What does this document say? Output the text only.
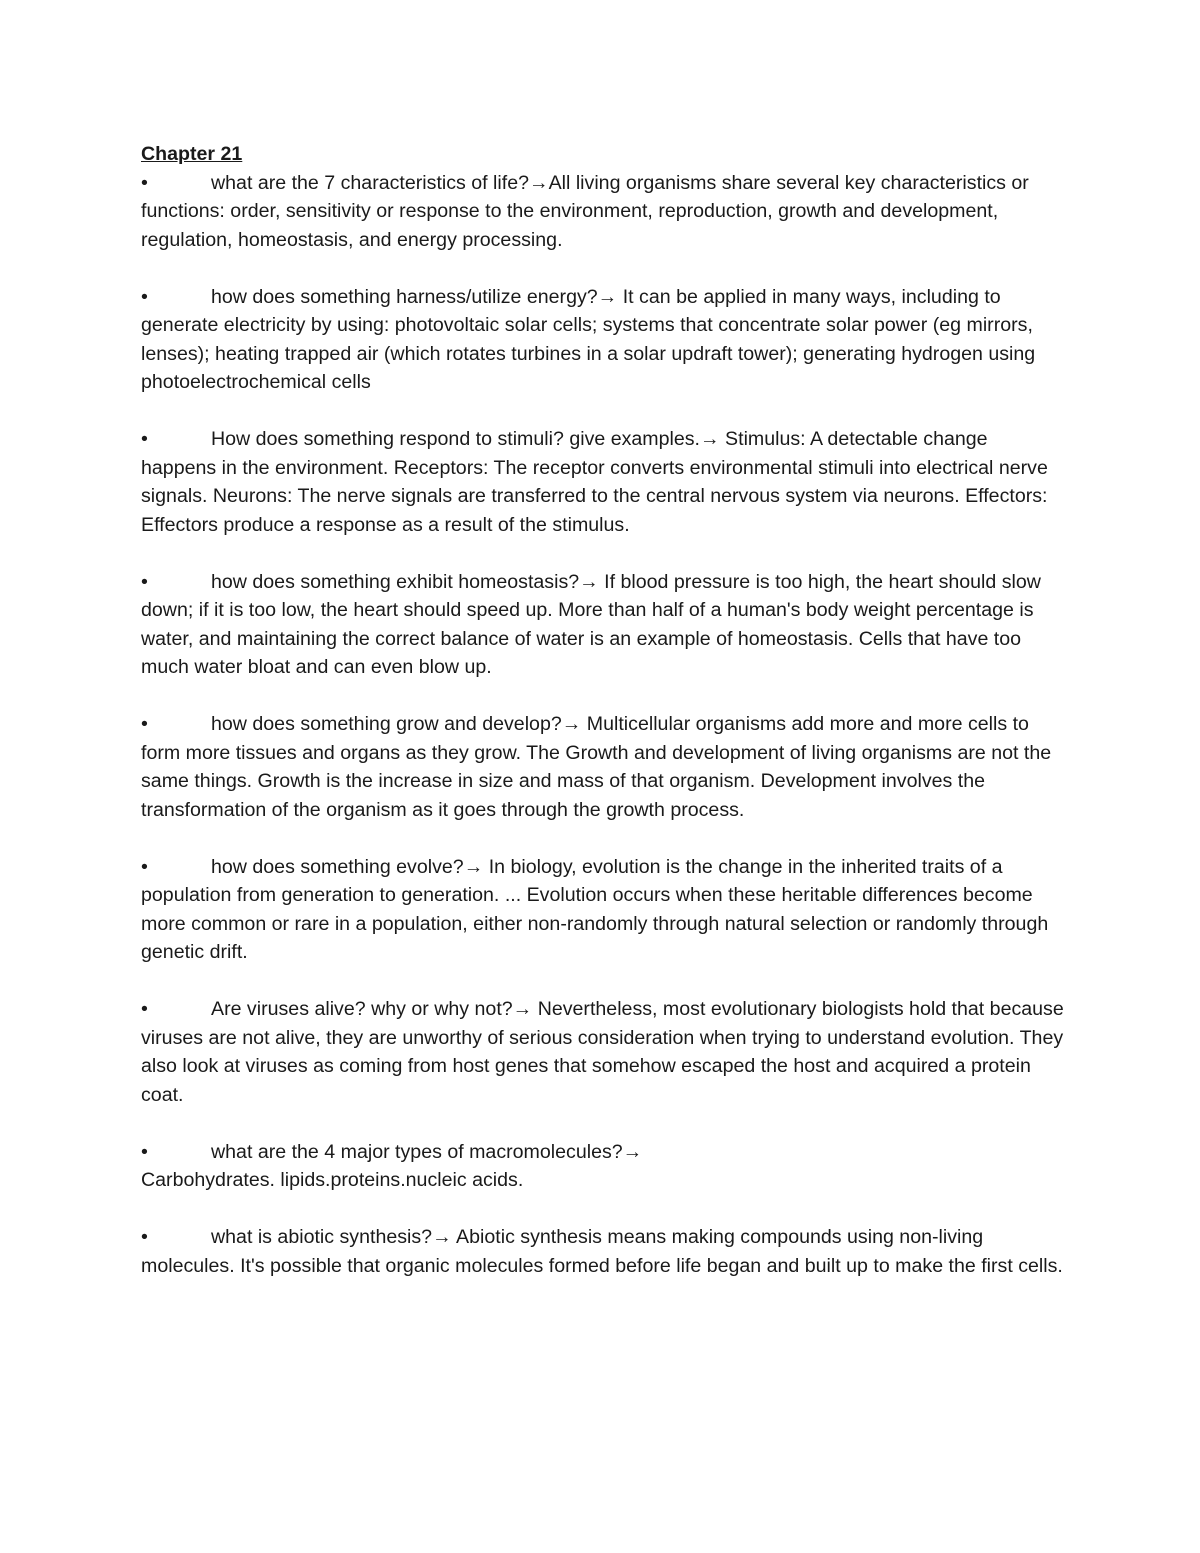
Chapter 21

•	what are the 7 characteristics of life?→All living organisms share several key characteristics or functions: order, sensitivity or response to the environment, reproduction, growth and development, regulation, homeostasis, and energy processing.

•	how does something harness/utilize energy?→ It can be applied in many ways, including to generate electricity by using: photovoltaic solar cells; systems that concentrate solar power (eg mirrors, lenses); heating trapped air (which rotates turbines in a solar updraft tower); generating hydrogen using photoelectrochemical cells

•	How does something respond to stimuli? give examples.→ Stimulus: A detectable change happens in the environment. Receptors: The receptor converts environmental stimuli into electrical nerve signals. Neurons: The nerve signals are transferred to the central nervous system via neurons. Effectors: Effectors produce a response as a result of the stimulus.

•	how does something exhibit homeostasis?→ If blood pressure is too high, the heart should slow down; if it is too low, the heart should speed up. More than half of a human's body weight percentage is water, and maintaining the correct balance of water is an example of homeostasis. Cells that have too much water bloat and can even blow up.

•	how does something grow and develop?→ Multicellular organisms add more and more cells to form more tissues and organs as they grow. The Growth and development of living organisms are not the same things. Growth is the increase in size and mass of that organism. Development involves the transformation of the organism as it goes through the growth process.

•	how does something evolve?→ In biology, evolution is the change in the inherited traits of a population from generation to generation. ... Evolution occurs when these heritable differences become more common or rare in a population, either non-randomly through natural selection or randomly through genetic drift.

•	Are viruses alive? why or why not?→ Nevertheless, most evolutionary biologists hold that because viruses are not alive, they are unworthy of serious consideration when trying to understand evolution. They also look at viruses as coming from host genes that somehow escaped the host and acquired a protein coat.

•	what are the 4 major types of macromolecules?→
Carbohydrates. lipids.proteins.nucleic acids.

•	what is abiotic synthesis?→ Abiotic synthesis means making compounds using non-living molecules. It's possible that organic molecules formed before life began and built up to make the first cells.
